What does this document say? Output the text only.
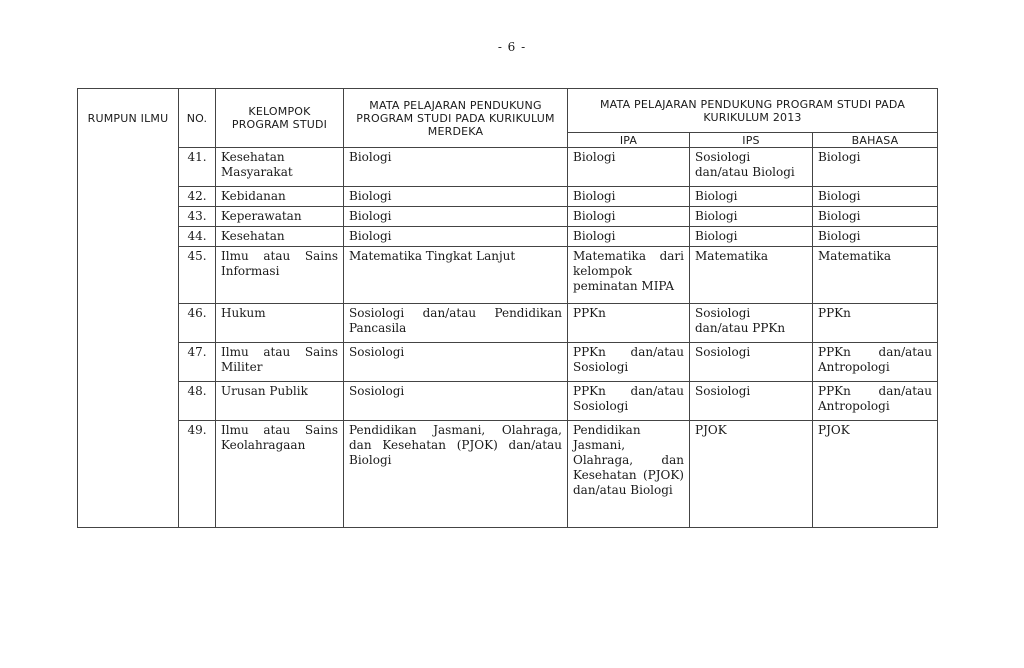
- 6 -
RUMPUN ILMU	NO.	KELOMPOK PROGRAM STUDI	MATA PELAJARAN PENDUKUNG PROGRAM STUDI PADA KURIKULUM MERDEKA	MATA PELAJARAN PENDUKUNG PROGRAM STUDI PADA KURIKULUM 2013		
				IPA	IPS	BAHASA
	41.	Kesehatan Masyarakat	Biologi	Biologi	Sosiologi dan/atau Biologi	Biologi
	42.	Kebidanan	Biologi	Biologi	Biologi	Biologi
	43.	Keperawatan	Biologi	Biologi	Biologi	Biologi
	44.	Kesehatan	Biologi	Biologi	Biologi	Biologi
	45.	Ilmu atau Sains Informasi	Matematika Tingkat Lanjut	Matematika dari kelompok peminatan MIPA	Matematika	Matematika
	46.	Hukum	Sosiologi dan/atau Pendidikan Pancasila	PPKn	Sosiologi dan/atau PPKn	PPKn
	47.	Ilmu atau Sains Militer	Sosiologi	PPKn dan/atau Sosiologi	Sosiologi	PPKn dan/atau Antropologi
	48.	Urusan Publik	Sosiologi	PPKn dan/atau Sosiologi	Sosiologi	PPKn dan/atau Antropologi
	49.	Ilmu atau Sains Keolahragaan	Pendidikan Jasmani, Olahraga, dan Kesehatan (PJOK) dan/atau Biologi	Pendidikan Jasmani, Olahraga, dan Kesehatan (PJOK) dan/atau Biologi	PJOK	PJOK
